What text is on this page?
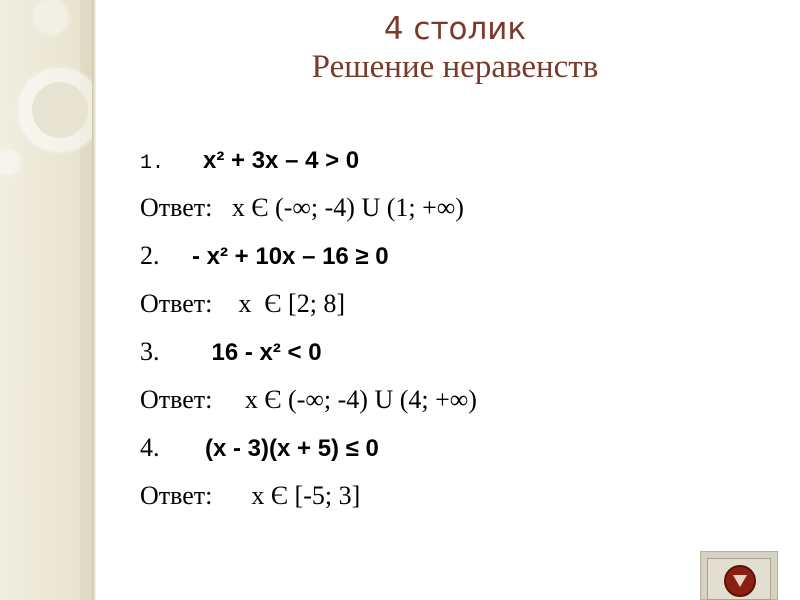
4 столик
Решение неравенств
1. х² + 3х – 4 > 0
Ответ: х Є (-∞; -4) U (1; +∞)
2. - х² + 10х – 16 ≥ 0
Ответ: х  Є [2; 8]
3. 16 - х² < 0
Ответ: х Є (-∞; -4) U (4; +∞)
4. (х - 3)(х + 5) ≤ 0
Ответ: х Є [-5; 3]
